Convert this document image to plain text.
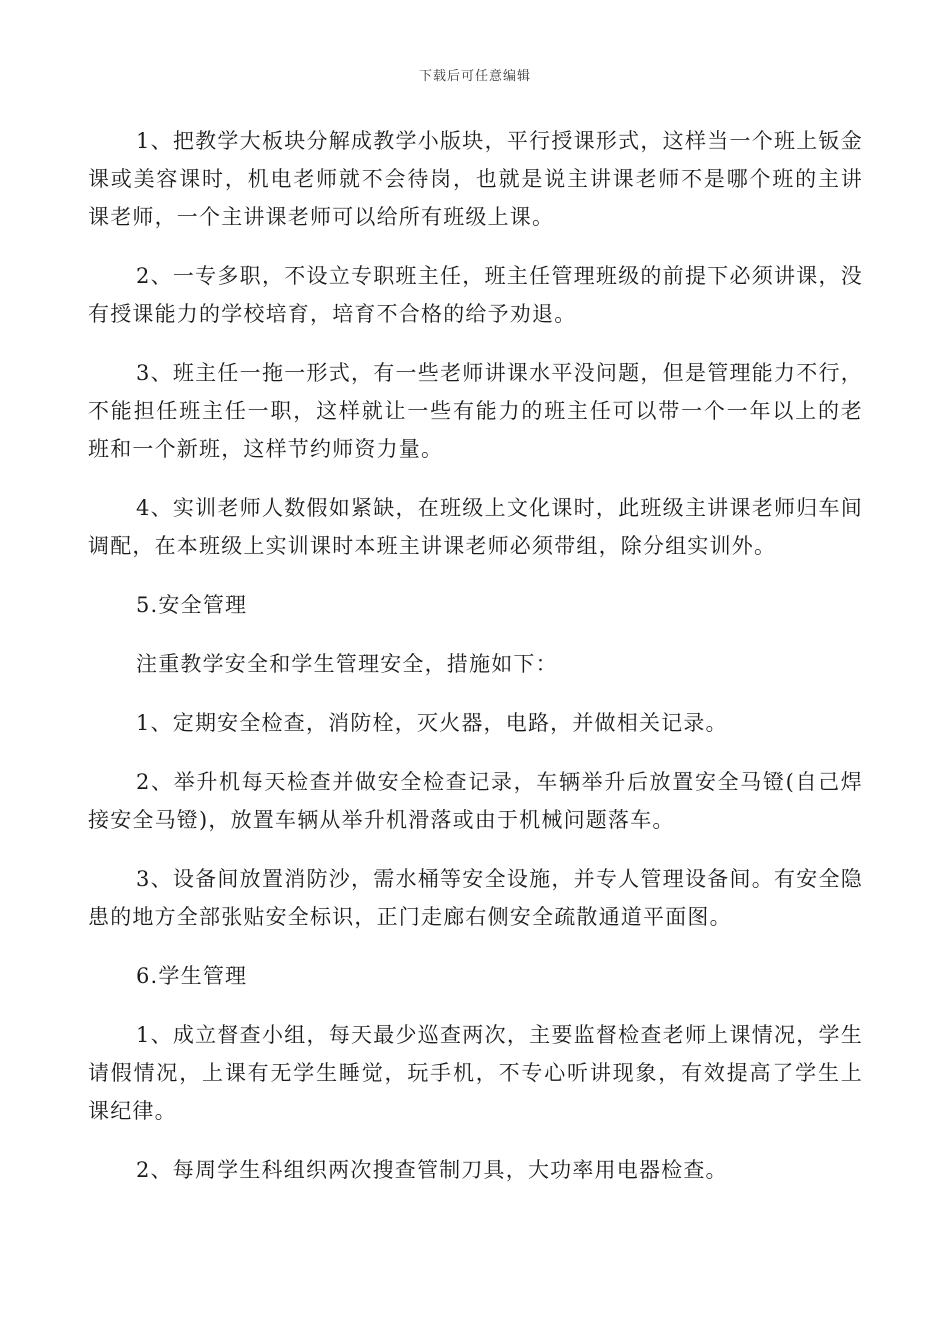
下载后可任意编辑

1、把教学大板块分解成教学小版块，平行授课形式，这样当一个班上钣金课或美容课时，机电老师就不会待岗，也就是说主讲课老师不是哪个班的主讲课老师，一个主讲课老师可以给所有班级上课。

2、一专多职，不设立专职班主任，班主任管理班级的前提下必须讲课，没有授课能力的学校培育，培育不合格的给予劝退。

3、班主任一拖一形式，有一些老师讲课水平没问题，但是管理能力不行，不能担任班主任一职，这样就让一些有能力的班主任可以带一个一年以上的老班和一个新班，这样节约师资力量。

4、实训老师人数假如紧缺，在班级上文化课时，此班级主讲课老师归车间调配，在本班级上实训课时本班主讲课老师必须带组，除分组实训外。

5.安全管理

注重教学安全和学生管理安全，措施如下：

1、定期安全检查，消防栓，灭火器，电路，并做相关记录。

2、举升机每天检查并做安全检查记录，车辆举升后放置安全马镫(自己焊接安全马镫)，放置车辆从举升机滑落或由于机械问题落车。

3、设备间放置消防沙，需水桶等安全设施，并专人管理设备间。有安全隐患的地方全部张贴安全标识，正门走廊右侧安全疏散通道平面图。

6.学生管理

1、成立督查小组，每天最少巡查两次，主要监督检查老师上课情况，学生请假情况，上课有无学生睡觉，玩手机，不专心听讲现象，有效提高了学生上课纪律。

2、每周学生科组织两次搜查管制刀具，大功率用电器检查。
